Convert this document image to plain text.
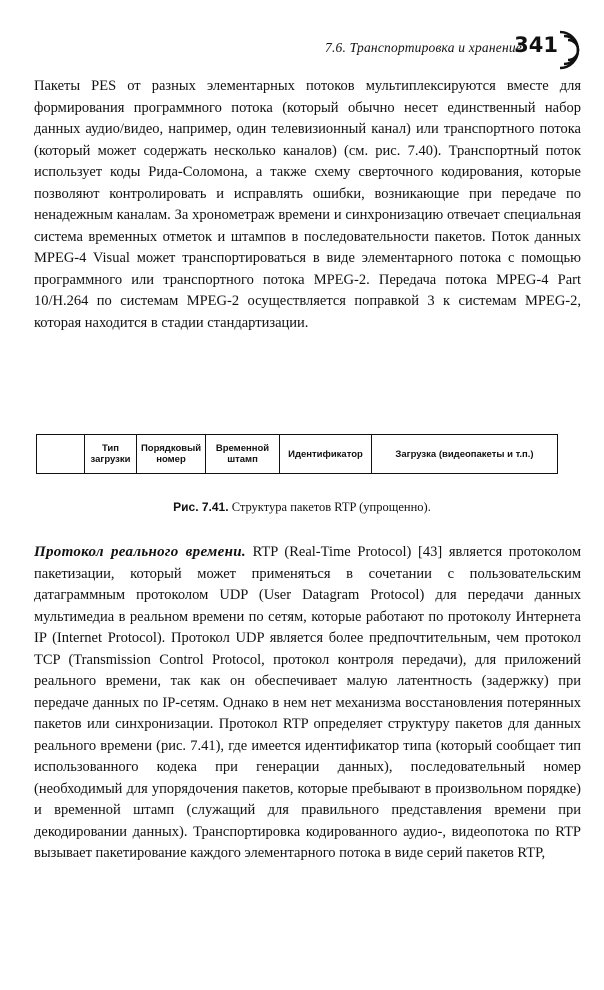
7.6. Транспортировка и хранение
341

Пакеты PES от разных элементарных потоков мультиплексируются вместе для формирования программного потока (который обычно несет единственный набор данных аудио/видео, например, один телевизионный канал) или транспортного потока (который может содержать несколько каналов) (см. рис. 7.40). Транспортный поток использует коды Рида-Соломона, а также схему сверточного кодирования, которые позволяют контролировать и исправлять ошибки, возникающие при передаче по ненадежным каналам. За хронометраж времени и синхронизацию отвечает специальная система временных отметок и штампов в последовательности пакетов. Поток данных MPEG-4 Visual может транспортироваться в виде элементарного потока с помощью программного или транспортного потока MPEG-2. Передача потока MPEG-4 Part 10/H.264 по системам MPEG-2 осуществляется поправкой 3 к системам MPEG-2, которая находится в стадии стандартизации.

Тип загрузки
Порядковый номер
Временной штамп	Идентификатор	Загрузка (видеопакеты и т.п.)
Рис. 7.41. Структура пакетов RTP (упрощенно).

Протокол реального времени. RTP (Real-Time Protocol) [43] является протоколом пакетизации, который может применяться в сочетании с пользовательским датаграммным протоколом UDP (User Datagram Protocol) для передачи данных мультимедиа в реальном времени по сетям, которые работают по протоколу Интернета IP (Internet Protocol). Протокол UDP является более предпочтительным, чем протокол TCP (Transmission Control Protocol, протокол контроля передачи), для приложений реального времени, так как он обеспечивает малую латентность (задержку) при передаче данных по IP-сетям. Однако в нем нет механизма восстановления потерянных пакетов или синхронизации. Протокол RTP определяет структуру пакетов для данных реального времени (рис. 7.41), где имеется идентификатор типа (который сообщает тип использованного кодека при генерации данных), последовательный номер (необходимый для упорядочения пакетов, которые пребывают в произвольном порядке) и временной штамп (служащий для правильного представления времени при декодировании данных). Транспортировка кодированного аудио-, видеопотока по RTP вызывает пакетирование каждого элементарного потока в виде серий пакетов RTP,
